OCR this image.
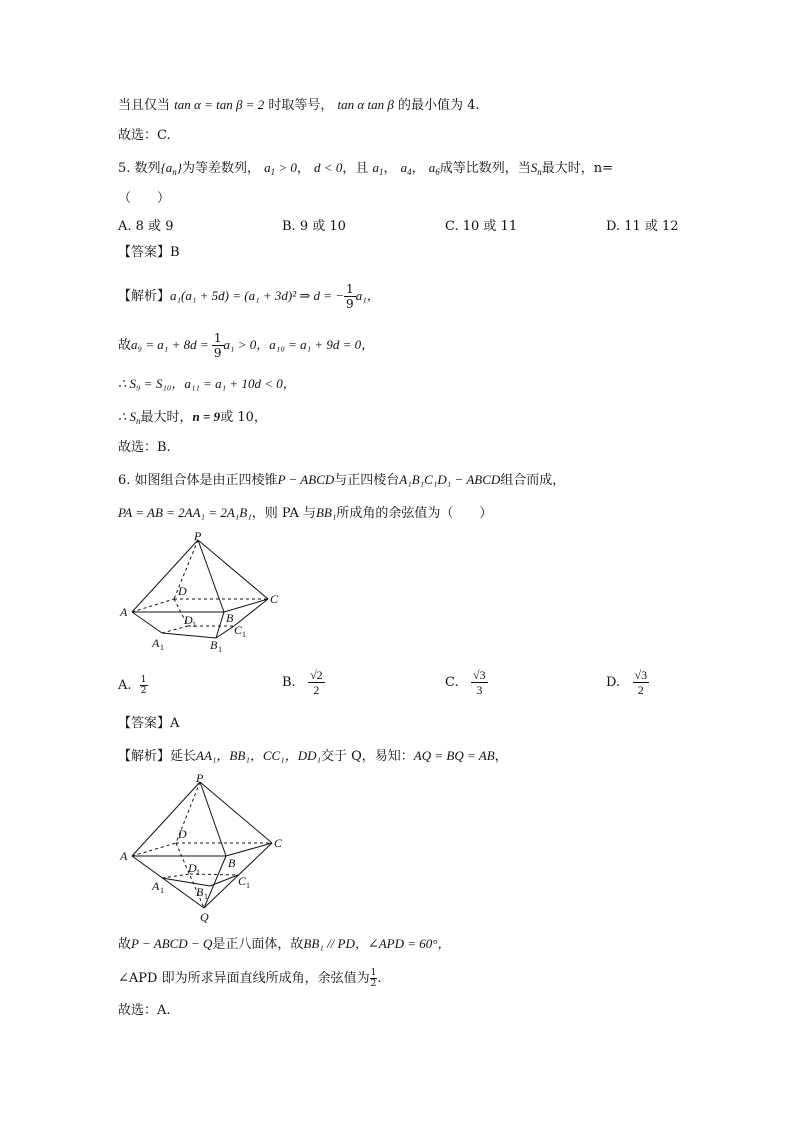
当且仅当 tan α = tan β = 2 时取等号， tan α tan β 的最小值为 4.
故选：C.
5. 数列$\{a_n\}$为等差数列， $a_1 > 0$， d < 0，且 $a_1$， $a_4$， $a_6$成等比数列，当$S_n$最大时，n=
（　　）
A. 8 或 9	B. 9 或 10	C. 10 或 11	D. 11 或 12
【答案】B
【解析】a₁(a₁ + 5d) = (a₁ + 3d)² ⇒ d = − $\frac{1}{9} a_1$，
故$a_9 = a_1 + 8d = \frac{1}{9} a_1 > 0$，a₁₀ = a₁ + 9d = 0，
∴ S₉ = S₁₀，a₁₁ = a₁ + 10d < 0，
∴ $S_n$最大时，n = 9或 10，
故选：B.
6. 如图组合体是由正四棱锥P − ABCD与正四棱台A₁B₁C₁D₁ − ABCD组合而成，
PA = AB = 2AA₁ = 2A₁B₁，则 PA 与BB₁所成角的余弦值为（　　）
P
A
D
B
C
D 1	C 1
A 1	B 1
A. $\frac{1}{2}$	B. $\frac{√2}{2}$	C. $\frac{√3}{3}$	D. $\frac{√3}{2}$
【答案】A
【解析】延长AA₁，BB₁，CC₁，DD₁交于 Q，易知：AQ = BQ = AB，
P
A
D
B
C
D 1
C 1
A 1	B 1
Q
故P − ABCD − Q是正八面体，故BB₁ // PD，∠APD = 60°，
∠APD 即为所求异面直线所成角，余弦值为 $\frac{1}{2}$ .
故选：A.
